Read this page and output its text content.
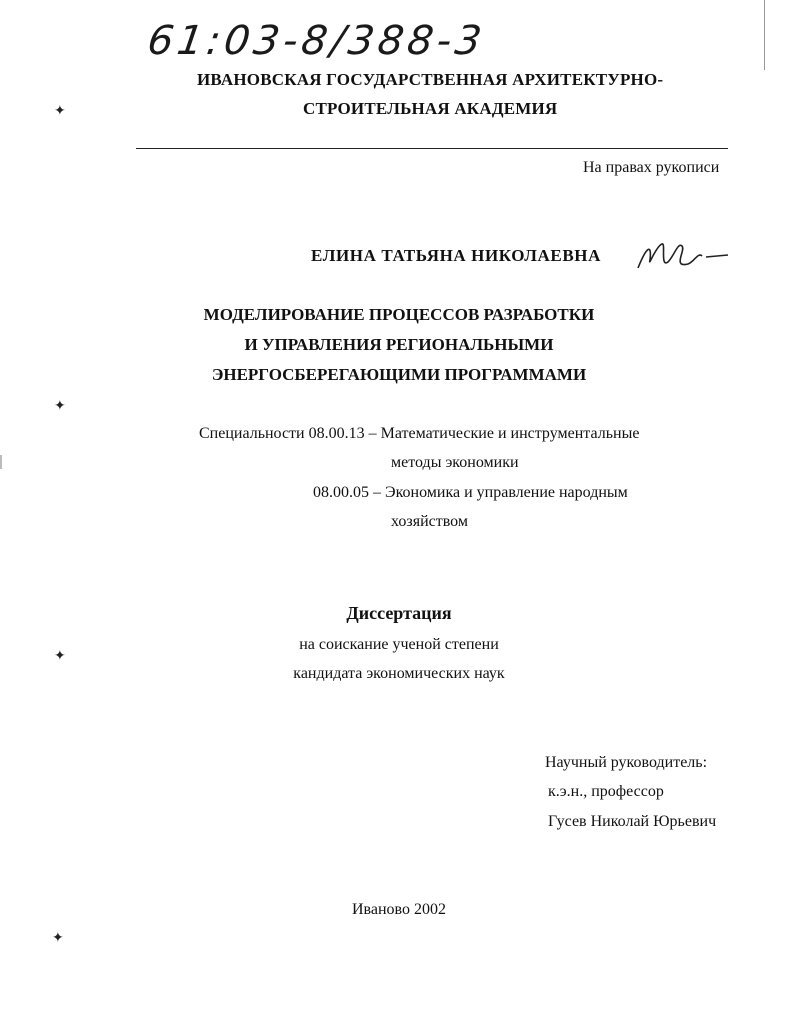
61:03-8/388-3
ИВАНОВСКАЯ ГОСУДАРСТВЕННАЯ АРХИТЕКТУРНО-
СТРОИТЕЛЬНАЯ АКАДЕМИЯ
На правах рукописи
ЕЛИНА ТАТЬЯНА НИКОЛАЕВНА
МОДЕЛИРОВАНИЕ ПРОЦЕССОВ РАЗРАБОТКИ
И УПРАВЛЕНИЯ РЕГИОНАЛЬНЫМИ
ЭНЕРГОСБЕРЕГАЮЩИМИ ПРОГРАММАМИ
Специальности 08.00.13 – Математические и инструментальные
методы экономики
08.00.05 – Экономика и управление народным
хозяйством
Диссертация
на соискание ученой степени
кандидата экономических наук
Научный руководитель:
к.э.н., профессор
Гусев Николай Юрьевич
Иваново 2002
✦
✦
✦
✦
